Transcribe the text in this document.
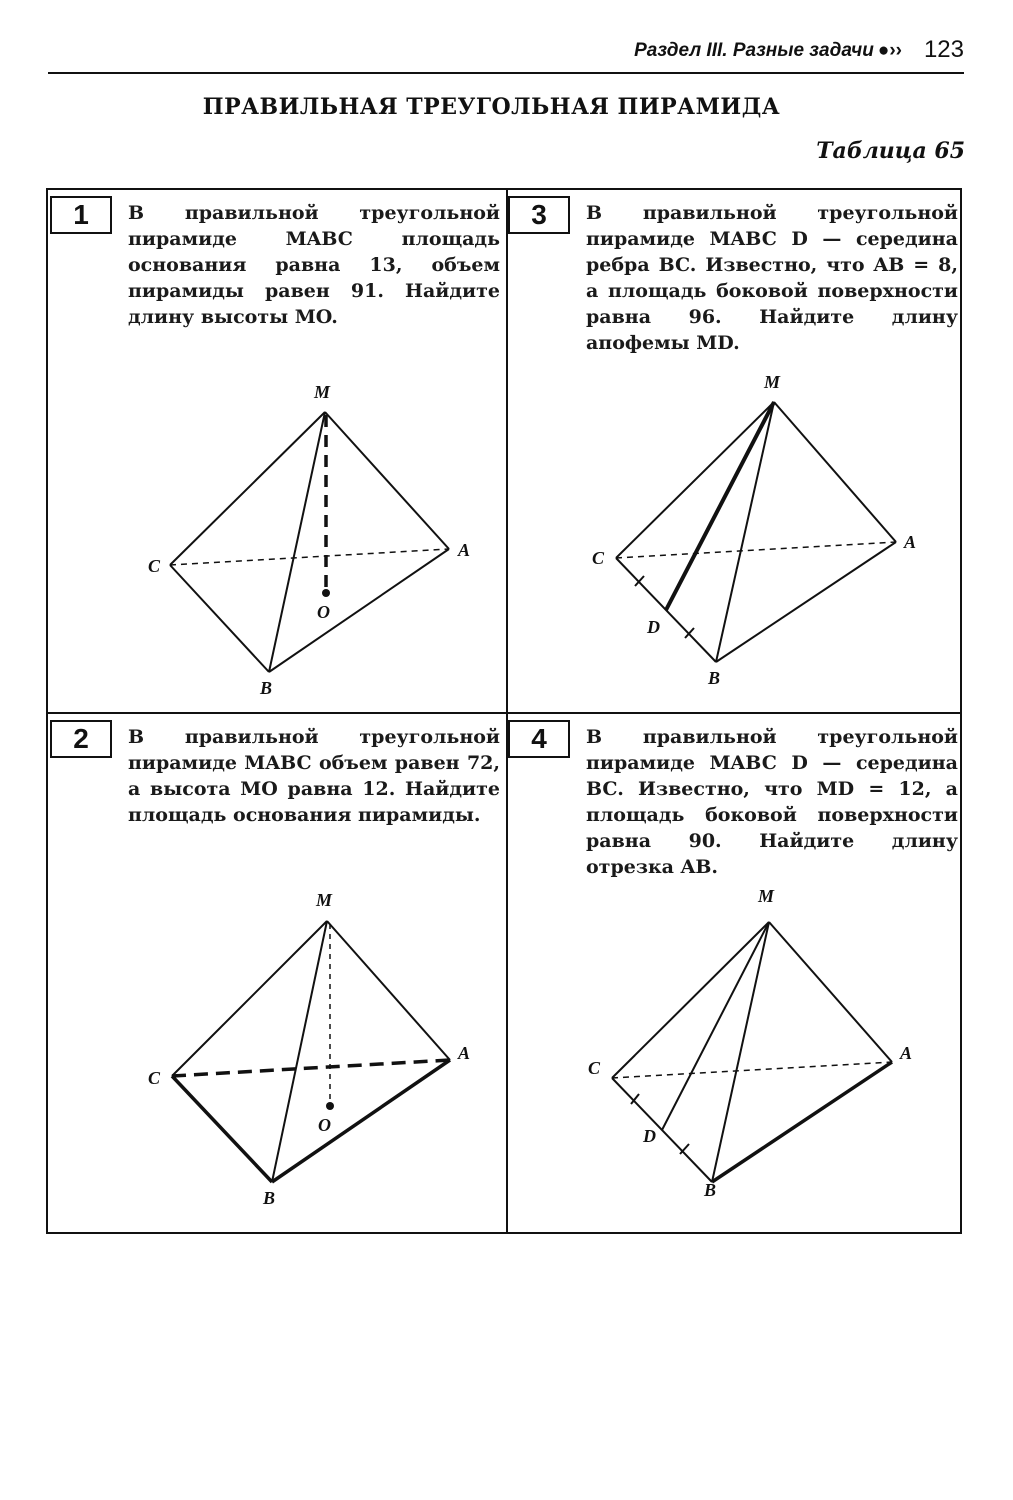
Раздел III. Разные задачи ●›› 123
ПРАВИЛЬНАЯ ТРЕУГОЛЬНАЯ ПИРАМИДА
Таблица 65
1	В правильной треугольной пирамиде MABC площадь основания равна 13, объем пирамиды равен 91. Найдите длину высоты MO.
M
A
B
C
O
3	В правильной треугольной пирамиде MABC D — середина ребра BC. Известно, что AB = 8, а площадь боковой поверхности равна 96. Найдите длину апофемы MD.
M
A
B
C
D
2	В правильной треугольной пирамиде MABC объем равен 72, а высота MO равна 12. Найдите площадь основания пирамиды.
M
A
B
C
O
4	В правильной треугольной пирамиде MABC D — середина BC. Известно, что MD = 12, а площадь боковой поверхности равна 90. Найдите длину отрезка AB.
M
A
B
C
D
